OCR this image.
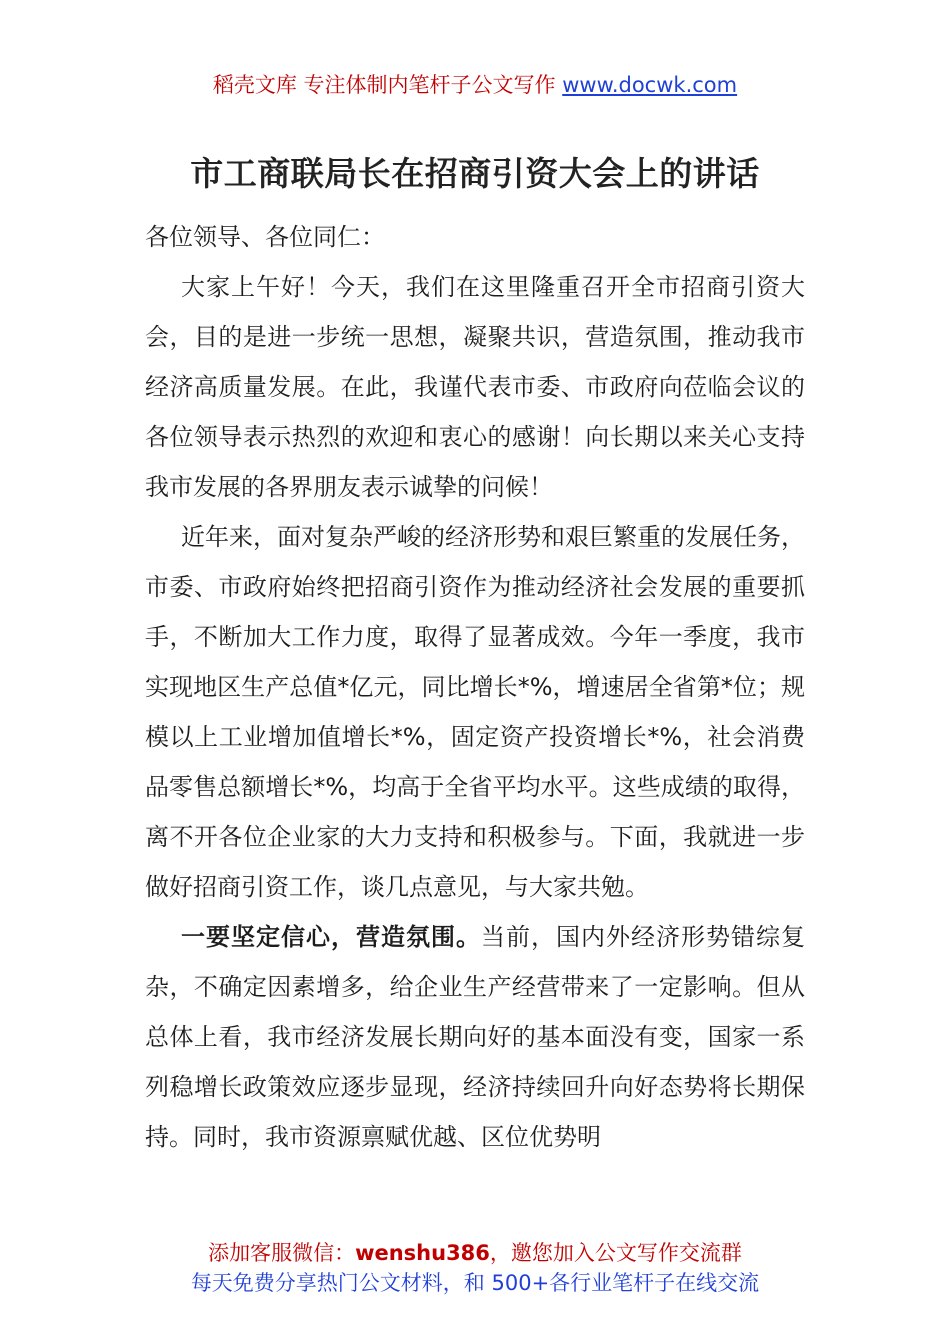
稻壳文库 专注体制内笔杆子公文写作 www.docwk.com
市工商联局长在招商引资大会上的讲话

各位领导、各位同仁：

大家上午好！今天，我们在这里隆重召开全市招商引资大会，目的是进一步统一思想，凝聚共识，营造氛围，推动我市经济高质量发展。在此，我谨代表市委、市政府向莅临会议的各位领导表示热烈的欢迎和衷心的感谢！向长期以来关心支持我市发展的各界朋友表示诚挚的问候！

近年来，面对复杂严峻的经济形势和艰巨繁重的发展任务，市委、市政府始终把招商引资作为推动经济社会发展的重要抓手，不断加大工作力度，取得了显著成效。今年一季度，我市实现地区生产总值*亿元，同比增长*%，增速居全省第*位；规模以上工业增加值增长*%，固定资产投资增长*%，社会消费品零售总额增长*%，均高于全省平均水平。这些成绩的取得，离不开各位企业家的大力支持和积极参与。下面，我就进一步做好招商引资工作，谈几点意见，与大家共勉。

一要坚定信心，营造氛围。当前，国内外经济形势错综复杂，不确定因素增多，给企业生产经营带来了一定影响。但从总体上看，我市经济发展长期向好的基本面没有变，国家一系列稳增长政策效应逐步显现，经济持续回升向好态势将长期保持。同时，我市资源禀赋优越、区位优势明

添加客服微信：wenshu386，邀您加入公文写作交流群
每天免费分享热门公文材料，和 500+各行业笔杆子在线交流
